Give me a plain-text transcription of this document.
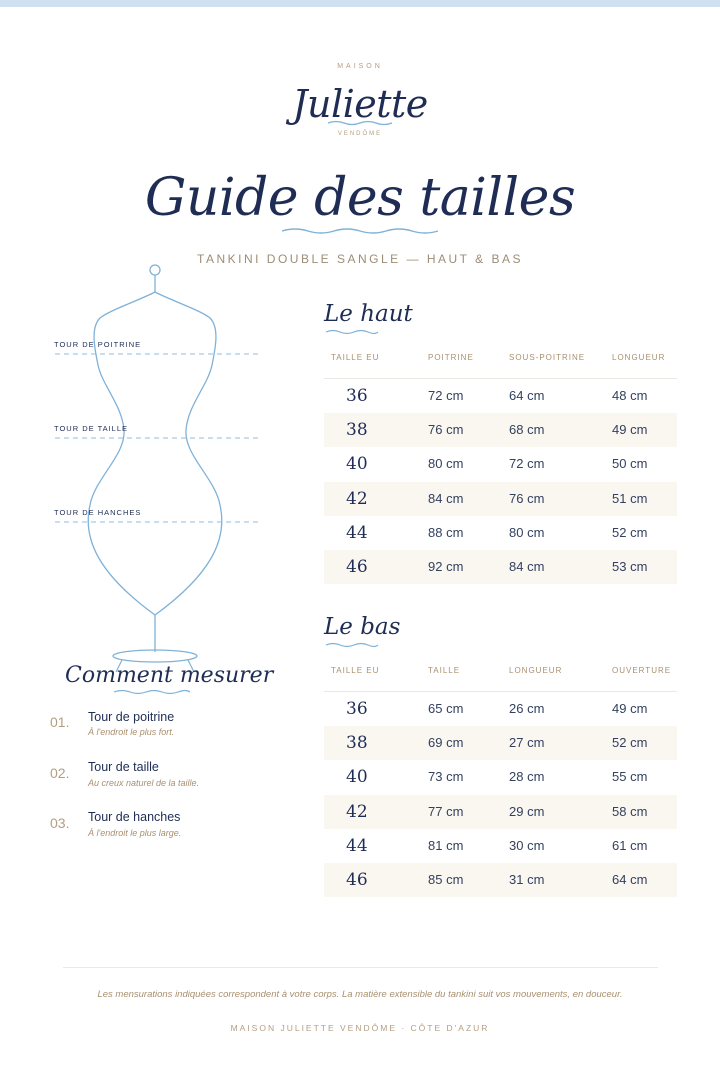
MAISON
Juliette
VENDÔME
Guide des tailles
TANKINI DOUBLE SANGLE — HAUT & BAS
TOUR DE POITRINE
TOUR DE TAILLE
TOUR DE HANCHES
Comment mesurer
01. Tour de poitrine
À l'endroit le plus fort.
02. Tour de taille
Au creux naturel de la taille.
03. Tour de hanches
À l'endroit le plus large.
Le haut
TAILLE EU	POITRINE	SOUS-POITRINE	LONGUEUR
36	72 cm	64 cm	48 cm
38	76 cm	68 cm	49 cm
40	80 cm	72 cm	50 cm
42	84 cm	76 cm	51 cm
44	88 cm	80 cm	52 cm
46	92 cm	84 cm	53 cm
Le bas
TAILLE EU	TAILLE	LONGUEUR	OUVERTURE
36	65 cm	26 cm	49 cm
38	69 cm	27 cm	52 cm
40	73 cm	28 cm	55 cm
42	77 cm	29 cm	58 cm
44	81 cm	30 cm	61 cm
46	85 cm	31 cm	64 cm
Les mensurations indiquées correspondent à votre corps. La matière extensible du tankini suit vos mouvements, en douceur.
MAISON JULIETTE VENDÔME · CÔTE D'AZUR
